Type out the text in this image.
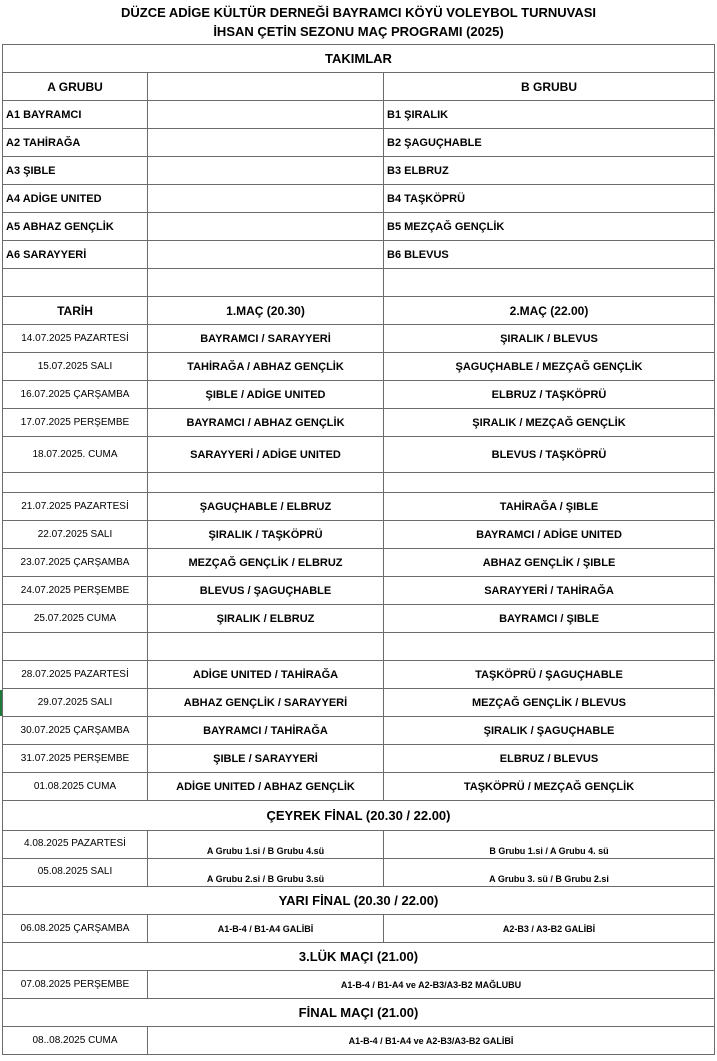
DÜZCE ADİGE KÜLTÜR DERNEĞİ BAYRAMCI KÖYÜ VOLEYBOL TURNUVASI
İHSAN ÇETİN SEZONU MAÇ PROGRAMI (2025)
TAKIMLAR		
A GRUBU		B GRUBU
A1 BAYRAMCI		B1 ŞIRALIK
A2 TAHİRAĞA		B2 ŞAGUÇHABLE
A3 ŞIBLE		B3 ELBRUZ
A4 ADİGE UNITED		B4 TAŞKÖPRÜ
A5 ABHAZ GENÇLİK		B5 MEZÇAĞ GENÇLİK
A6 SARAYYERİ		B6 BLEVUS

TARİH	1.MAÇ (20.30)	2.MAÇ (22.00)
14.07.2025 PAZARTESİ	BAYRAMCI / SARAYYERİ	ŞIRALIK / BLEVUS
15.07.2025 SALI	TAHİRAĞA / ABHAZ GENÇLİK	ŞAGUÇHABLE / MEZÇAĞ GENÇLİK
16.07.2025 ÇARŞAMBA	ŞIBLE / ADİGE UNITED	ELBRUZ / TAŞKÖPRÜ
17.07.2025 PERŞEMBE	BAYRAMCI / ABHAZ GENÇLİK	ŞIRALIK / MEZÇAĞ GENÇLİK
18.07.2025. CUMA	SARAYYERİ / ADİGE UNITED	BLEVUS / TAŞKÖPRÜ

21.07.2025 PAZARTESİ	ŞAGUÇHABLE / ELBRUZ	TAHİRAĞA / ŞIBLE
22.07.2025 SALI	ŞIRALIK / TAŞKÖPRÜ	BAYRAMCI / ADİGE UNITED
23.07.2025 ÇARŞAMBA	MEZÇAĞ GENÇLİK / ELBRUZ	ABHAZ GENÇLİK / ŞIBLE
24.07.2025 PERŞEMBE	BLEVUS / ŞAGUÇHABLE	SARAYYERİ / TAHİRAĞA
25.07.2025 CUMA	ŞIRALIK / ELBRUZ	BAYRAMCI / ŞIBLE

28.07.2025 PAZARTESİ	ADİGE UNITED / TAHİRAĞA	TAŞKÖPRÜ / ŞAGUÇHABLE
29.07.2025 SALI	ABHAZ GENÇLİK / SARAYYERİ	MEZÇAĞ GENÇLİK / BLEVUS
30.07.2025 ÇARŞAMBA	BAYRAMCI / TAHİRAĞA	ŞIRALIK / ŞAGUÇHABLE
31.07.2025 PERŞEMBE	ŞIBLE / SARAYYERİ	ELBRUZ / BLEVUS
01.08.2025 CUMA	ADİGE UNITED / ABHAZ GENÇLİK	TAŞKÖPRÜ / MEZÇAĞ GENÇLİK
ÇEYREK FİNAL (20.30 / 22.00)		
4.08.2025 PAZARTESİ	A Grubu 1.si / B Grubu 4.sü	B Grubu 1.si / A Grubu 4. sü
05.08.2025 SALI	A Grubu 2.si / B Grubu 3.sü	A Grubu 3. sü / B Grubu 2.si
YARI FİNAL (20.30 / 22.00)		
06.08.2025 ÇARŞAMBA	A1-B-4 / B1-A4 GALİBİ	A2-B3 / A3-B2 GALİBİ
3.LÜK MAÇI (21.00)		
07.08.2025 PERŞEMBE	A1-B-4 / B1-A4 ve A2-B3/A3-B2 MAĞLUBU	
FİNAL MAÇI (21.00)		
08..08.2025 CUMA	A1-B-4 / B1-A4 ve A2-B3/A3-B2 GALİBİ	
